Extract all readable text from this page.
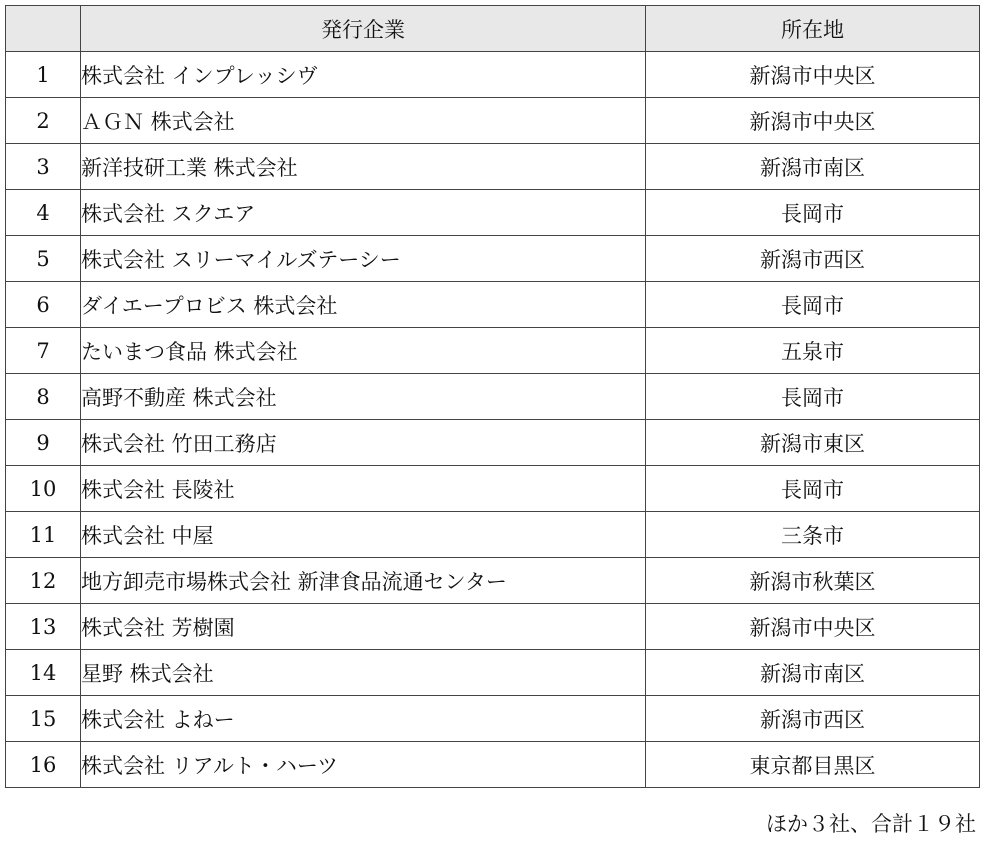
	発行企業	所在地
1	株式会社 インプレッシヴ	新潟市中央区
2	ＡＧＮ 株式会社	新潟市中央区
3	新洋技研工業 株式会社	新潟市南区
4	株式会社 スクエア	長岡市
5	株式会社 スリーマイルズテーシー	新潟市西区
6	ダイエープロビス 株式会社	長岡市
7	たいまつ食品 株式会社	五泉市
8	高野不動産 株式会社	長岡市
9	株式会社 竹田工務店	新潟市東区
10	株式会社 長陵社	長岡市
11	株式会社 中屋	三条市
12	地方卸売市場株式会社 新津食品流通センター	新潟市秋葉区
13	株式会社 芳樹園	新潟市中央区
14	星野 株式会社	新潟市南区
15	株式会社 よねー	新潟市西区
16	株式会社 リアルト・ハーツ	東京都目黒区
ほか３社、合計１９社
